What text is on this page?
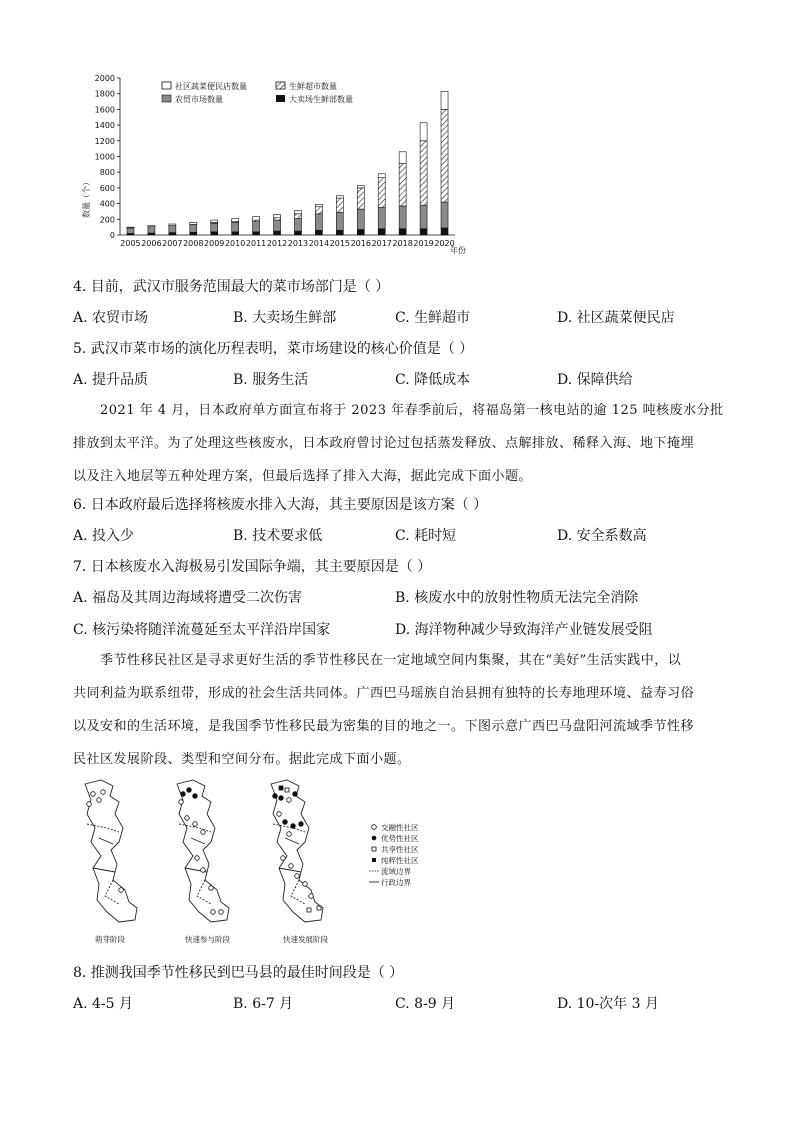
数量（个）
0
200
400
600
800
1000
1200
1400
1600
1800
2000
2005 2006 2007 2008 2009 2010 2011 2012 2013 2014 2015 2016 2017 2018 2019 2020
年份
社区蔬菜便民店数量	生鲜超市数量
农贸市场数量	大卖场生鲜部数量
4. 目前，武汉市服务范围最大的菜市场部门是（ ）
A. 农贸市场	B. 大卖场生鲜部	C. 生鲜超市	D. 社区蔬菜便民店
5. 武汉市菜市场的演化历程表明，菜市场建设的核心价值是（ ）
A. 提升品质	B. 服务生活	C. 降低成本	D. 保障供给
2021 年 4 月，日本政府单方面宣布将于 2023 年春季前后，将福岛第一核电站的逾 125 吨核废水分批
排放到太平洋。为了处理这些核废水，日本政府曾讨论过包括蒸发释放、点解排放、稀释入海、地下掩埋
以及注入地层等五种处理方案，但最后选择了排入大海，据此完成下面小题。
6. 日本政府最后选择将核废水排入大海，其主要原因是该方案（ ）
A. 投入少	B. 技术要求低	C. 耗时短	D. 安全系数高
7. 日本核废水入海极易引发国际争端，其主要原因是（ ）
A. 福岛及其周边海域将遭受二次伤害	B. 核废水中的放射性物质无法完全消除
C. 核污染将随洋流蔓延至太平洋沿岸国家	D. 海洋物种减少导致海洋产业链发展受阻
季节性移民社区是寻求更好生活的季节性移民在一定地域空间内集聚，其在“美好”生活实践中，以
共同利益为联系纽带，形成的社会生活共同体。广西巴马瑶族自治县拥有独特的长寿地理环境、益寿习俗
以及安和的生活环境，是我国季节性移民最为密集的目的地之一。下图示意广西巴马盘阳河流域季节性移
民社区发展阶段、类型和空间分布。据此完成下面小题。
萌芽阶段	快速参与阶段	快速发展阶段
交融性社区
优势性社区
共享性社区
纯粹性社区
流域边界
行政边界
8. 推测我国季节性移民到巴马县的最佳时间段是（ ）
A. 4-5 月	B. 6-7 月	C. 8-9 月	D. 10-次年 3 月
